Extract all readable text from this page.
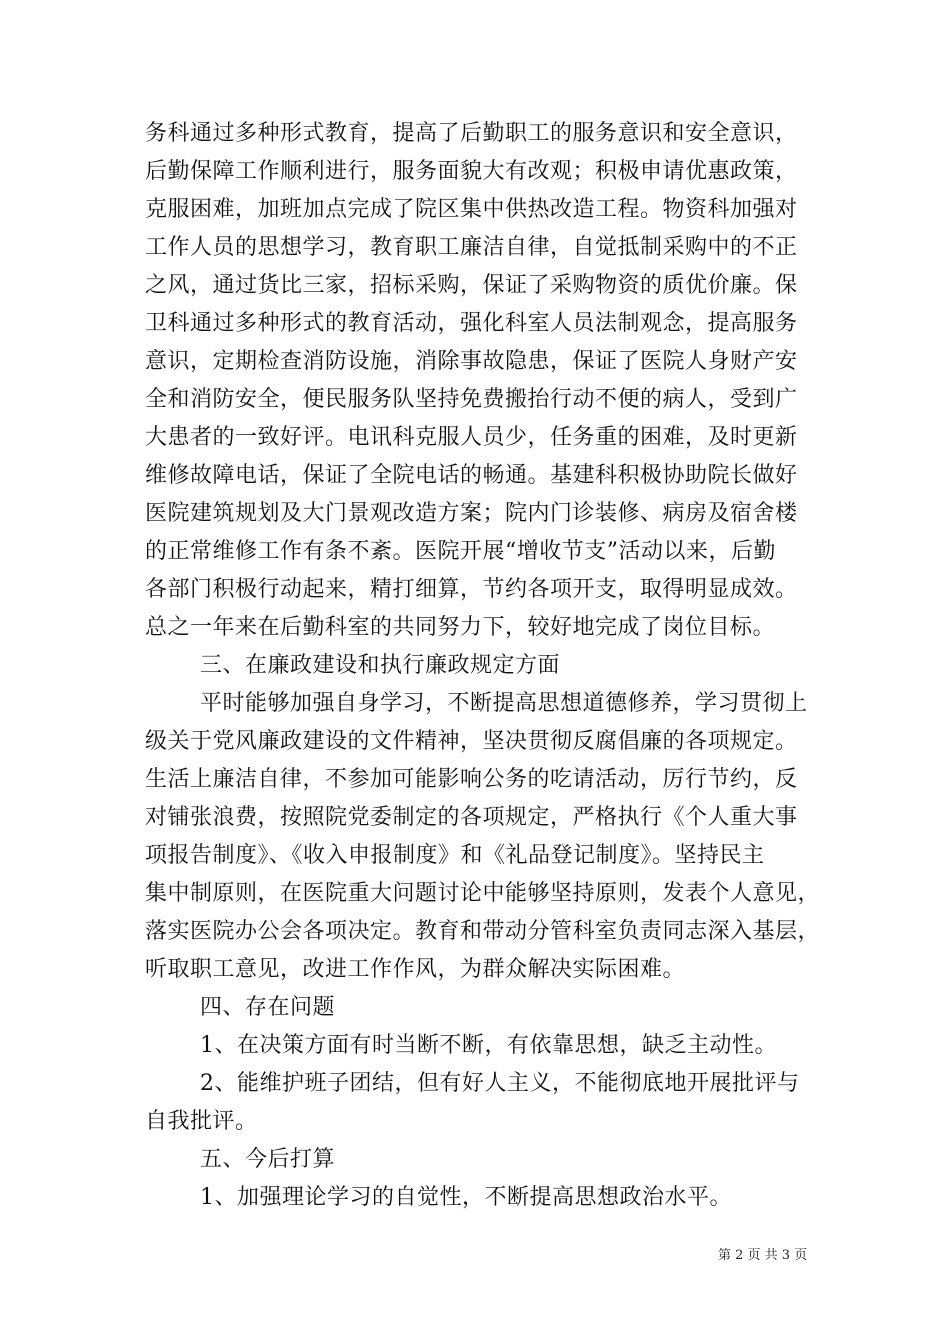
务科通过多种形式教育，提高了后勤职工的服务意识和安全意识，
后勤保障工作顺利进行，服务面貌大有改观；积极申请优惠政策，
克服困难，加班加点完成了院区集中供热改造工程。物资科加强对
工作人员的思想学习，教育职工廉洁自律，自觉抵制采购中的不正
之风，通过货比三家，招标采购，保证了采购物资的质优价廉。保
卫科通过多种形式的教育活动，强化科室人员法制观念，提高服务
意识，定期检查消防设施，消除事故隐患，保证了医院人身财产安
全和消防安全，便民服务队坚持免费搬抬行动不便的病人，受到广
大患者的一致好评。电讯科克服人员少，任务重的困难，及时更新
维修故障电话，保证了全院电话的畅通。基建科积极协助院长做好
医院建筑规划及大门景观改造方案；院内门诊装修、病房及宿舍楼
的正常维修工作有条不紊。医院开展“增收节支”活动以来，后勤
各部门积极行动起来，精打细算，节约各项开支，取得明显成效。
总之一年来在后勤科室的共同努力下，较好地完成了岗位目标。
三、在廉政建设和执行廉政规定方面
平时能够加强自身学习，不断提高思想道德修养，学习贯彻上
级关于党风廉政建设的文件精神，坚决贯彻反腐倡廉的各项规定。
生活上廉洁自律，不参加可能影响公务的吃请活动，厉行节约，反
对铺张浪费，按照院党委制定的各项规定，严格执行《个人重大事
项报告制度》、《收入申报制度》和《礼品登记制度》。坚持民主
集中制原则，在医院重大问题讨论中能够坚持原则，发表个人意见，
落实医院办公会各项决定。教育和带动分管科室负责同志深入基层，
听取职工意见，改进工作作风，为群众解决实际困难。
四、存在问题
1、在决策方面有时当断不断，有依靠思想，缺乏主动性。
2、能维护班子团结，但有好人主义，不能彻底地开展批评与
自我批评。
五、今后打算
1、加强理论学习的自觉性，不断提高思想政治水平。
第 2 页 共 3 页
